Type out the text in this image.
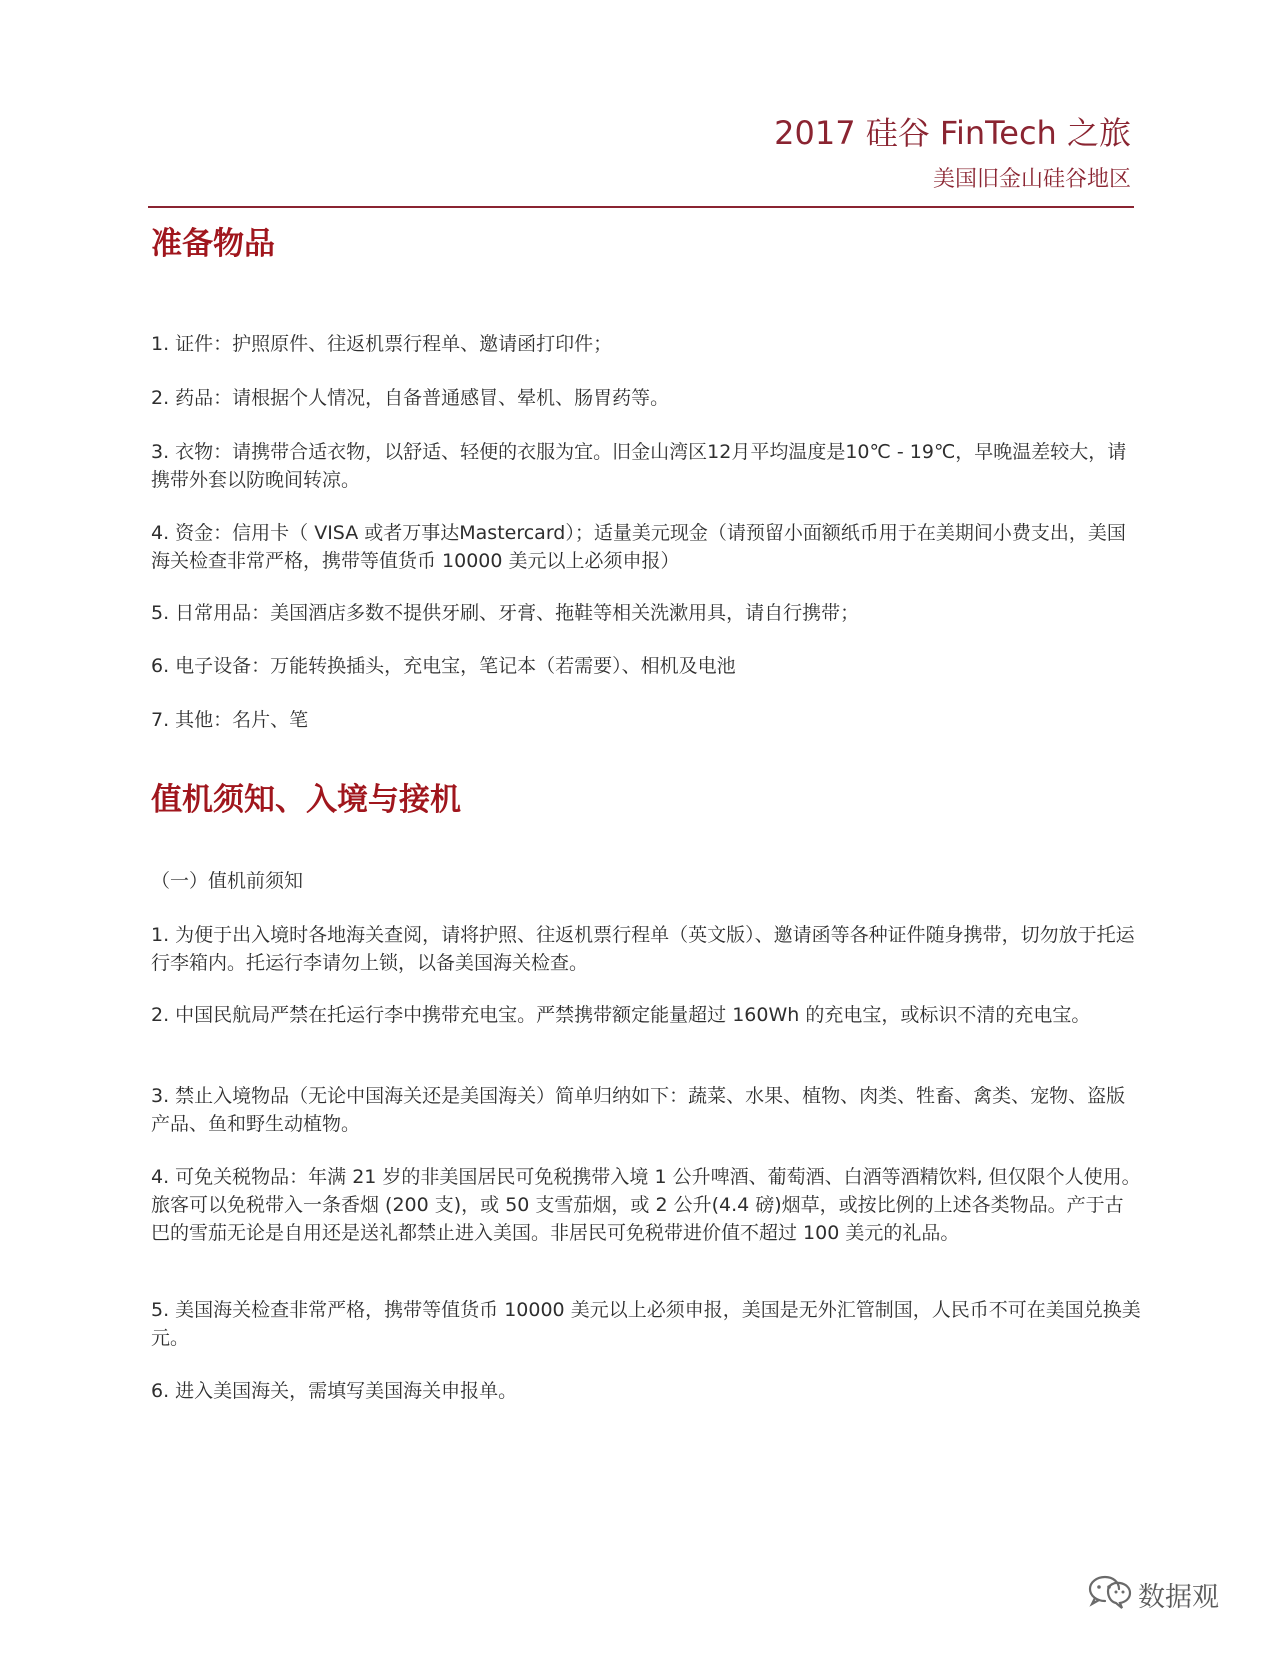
2017 硅谷 FinTech 之旅
美国旧金山硅谷地区
准备物品
1. 证件：护照原件、往返机票行程单、邀请函打印件；
2. 药品：请根据个人情况，自备普通感冒、晕机、肠胃药等。
3. 衣物：请携带合适衣物，以舒适、轻便的衣服为宜。旧金山湾区12月平均温度是10℃ - 19℃，早晚温差较大，请携带外套以防晚间转凉。
4. 资金：信用卡（ VISA 或者万事达Mastercard）；适量美元现金（请预留小面额纸币用于在美期间小费支出，美国海关检查非常严格，携带等值货币 10000 美元以上必须申报）
5. 日常用品：美国酒店多数不提供牙刷、牙膏、拖鞋等相关洗漱用具，请自行携带；
6. 电子设备：万能转换插头，充电宝，笔记本（若需要）、相机及电池
7. 其他：名片、笔
值机须知、入境与接机
（一）值机前须知
1. 为便于出入境时各地海关查阅，请将护照、往返机票行程单（英文版）、邀请函等各种证件随身携带，切勿放于托运行李箱内。托运行李请勿上锁，以备美国海关检查。
2. 中国民航局严禁在托运行李中携带充电宝。严禁携带额定能量超过 160Wh 的充电宝，或标识不清的充电宝。
3. 禁止入境物品（无论中国海关还是美国海关）简单归纳如下：蔬菜、水果、植物、肉类、牲畜、禽类、宠物、盗版产品、鱼和野生动植物。
4. 可免关税物品：年满 21 岁的非美国居民可免税携带入境 1 公升啤酒、葡萄酒、白酒等酒精饮料, 但仅限个人使用。旅客可以免税带入一条香烟 (200 支)，或 50 支雪茄烟，或 2 公升(4.4 磅)烟草，或按比例的上述各类物品。产于古巴的雪茄无论是自用还是送礼都禁止进入美国。非居民可免税带进价值不超过 100 美元的礼品。
5. 美国海关检查非常严格，携带等值货币 10000 美元以上必须申报，美国是无外汇管制国，人民币不可在美国兑换美元。
6. 进入美国海关，需填写美国海关申报单。
数据观
